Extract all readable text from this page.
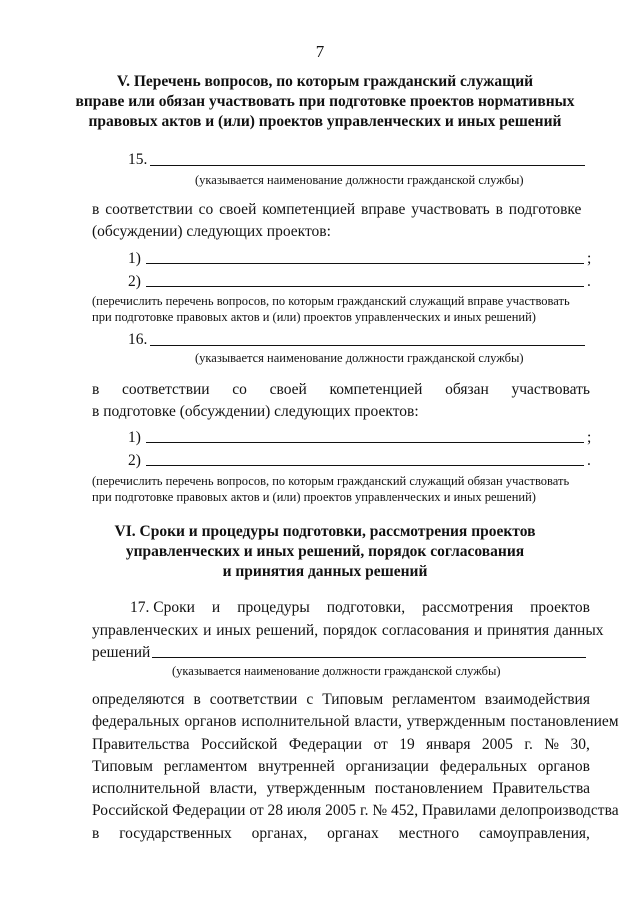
7
V. Перечень вопросов, по которым гражданский служащий
вправе или обязан участвовать при подготовке проектов нормативных
правовых актов и (или) проектов управленческих и иных решений
15.
(указывается наименование должности гражданской службы)
в соответствии со своей компетенцией вправе участвовать в подготовке
(обсуждении) следующих проектов:
1)	;
2)	.
(перечислить перечень вопросов, по которым гражданский служащий вправе участвовать
при подготовке правовых актов и (или) проектов управленческих и иных решений)
16.
(указывается наименование должности гражданской службы)
в соответствии со своей компетенцией обязан участвовать
в подготовке (обсуждении) следующих проектов:
1)	;
2)	.
(перечислить перечень вопросов, по которым гражданский служащий обязан участвовать
при подготовке правовых актов и (или) проектов управленческих и иных решений)
VI. Сроки и процедуры подготовки, рассмотрения проектов
управленческих и иных решений, порядок согласования
и принятия данных решений
17. Сроки и процедуры подготовки, рассмотрения проектов
управленческих и иных решений, порядок согласования и принятия данных
решений
(указывается наименование должности гражданской службы)
определяются в соответствии с Типовым регламентом взаимодействия
федеральных органов исполнительной власти, утвержденным постановлением
Правительства Российской Федерации от 19 января 2005 г. № 30,
Типовым регламентом внутренней организации федеральных органов
исполнительной власти, утвержденным постановлением Правительства
Российской Федерации от 28 июля 2005 г. № 452, Правилами делопроизводства
в государственных органах, органах местного самоуправления,
